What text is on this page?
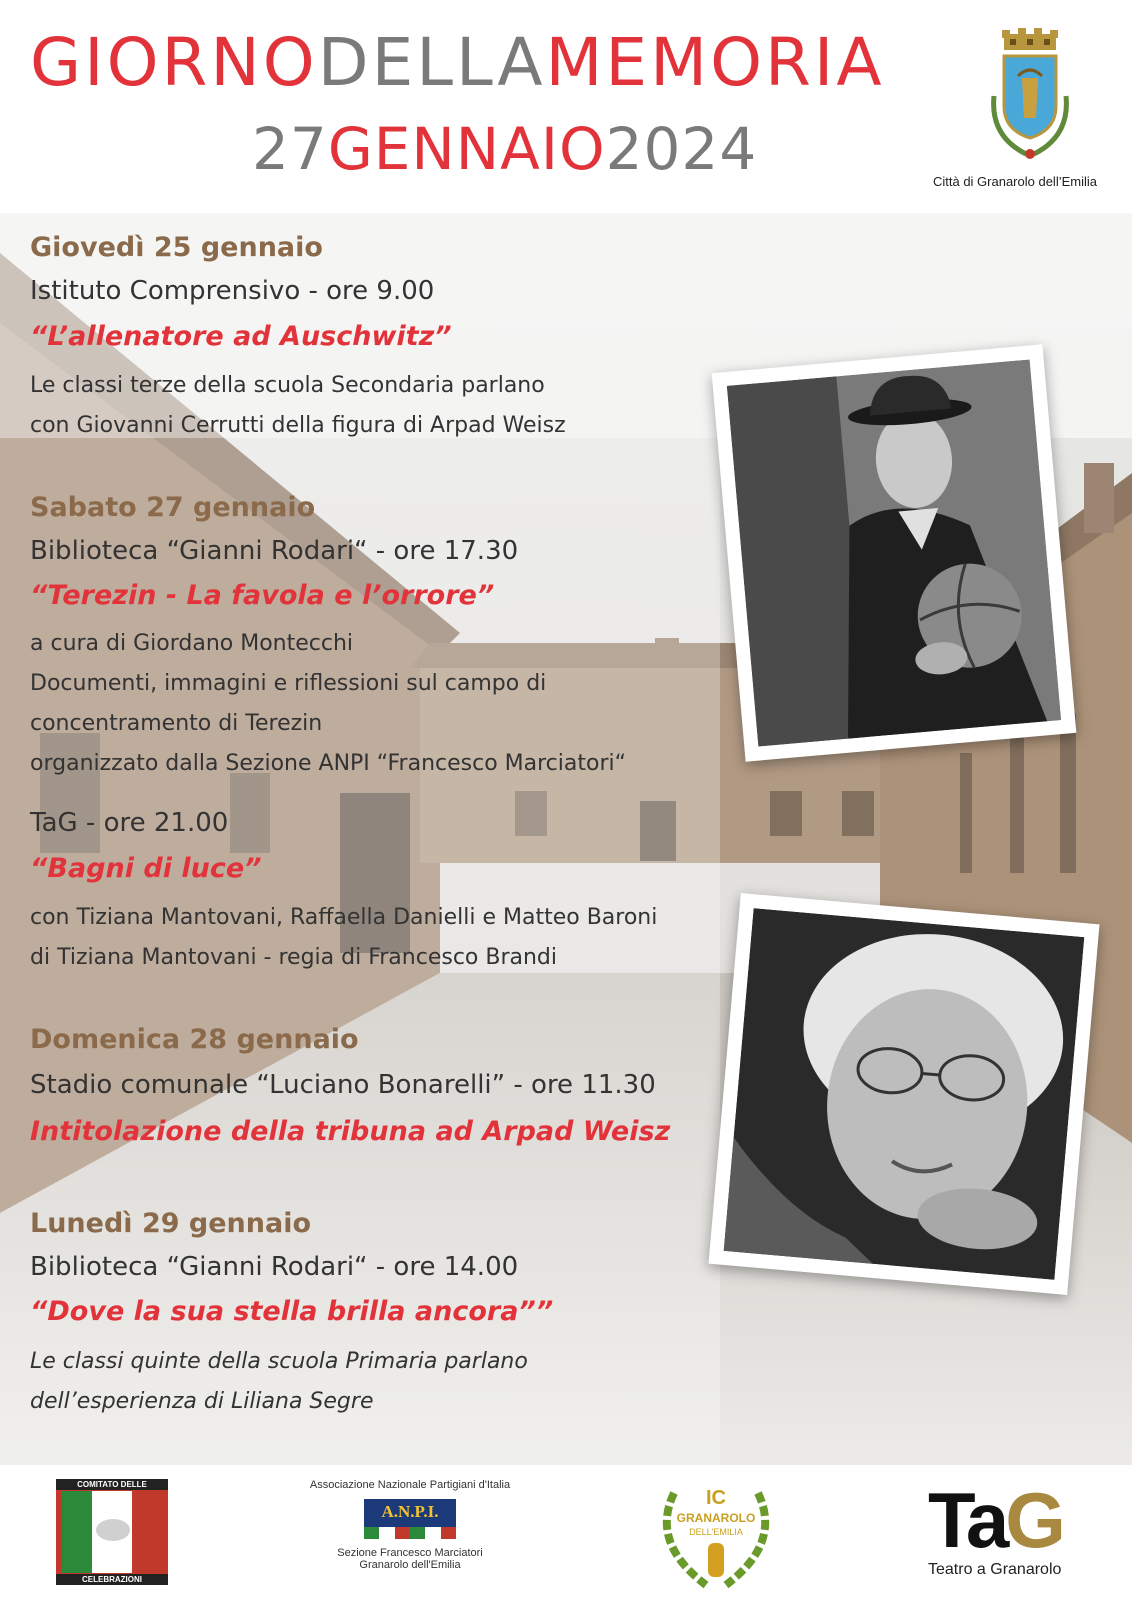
GIORNODELLAMEMORIA
27GENNAIO2024	Città di Granarolo dell’Emilia
Giovedì 25 gennaio
Istituto Comprensivo - ore 9.00
“L’allenatore ad Auschwitz”
Le classi terze della scuola Secondaria parlano
con Giovanni Cerrutti della figura di Arpad Weisz
Sabato 27 gennaio
Biblioteca “Gianni Rodari“ - ore 17.30
“Terezin - La favola e l’orrore”
a cura di Giordano Montecchi
Documenti, immagini e riflessioni sul campo di
concentramento di Terezin
organizzato dalla Sezione ANPI “Francesco Marciatori“
TaG - ore 21.00
“Bagni di luce”
con Tiziana Mantovani, Raffaella Danielli e Matteo Baroni
di Tiziana Mantovani - regia di Francesco Brandi
Domenica 28 gennaio
Stadio comunale “Luciano Bonarelli” - ore 11.30
Intitolazione della tribuna ad Arpad Weisz
Lunedì 29 gennaio
Biblioteca “Gianni Rodari“ - ore 14.00
“Dove la sua stella brilla ancora””
Le classi quinte della scuola Primaria parlano
dell’esperienza di Liliana Segre
COMITATO DELLE
CELEBRAZIONI
Associazione Nazionale Partigiani d'Italia
A.N.P.I.
Sezione Francesco Marciatori
Granarolo dell'Emilia
IC
GRANAROLO
DELL'EMILIA	TaG
Teatro a Granarolo
